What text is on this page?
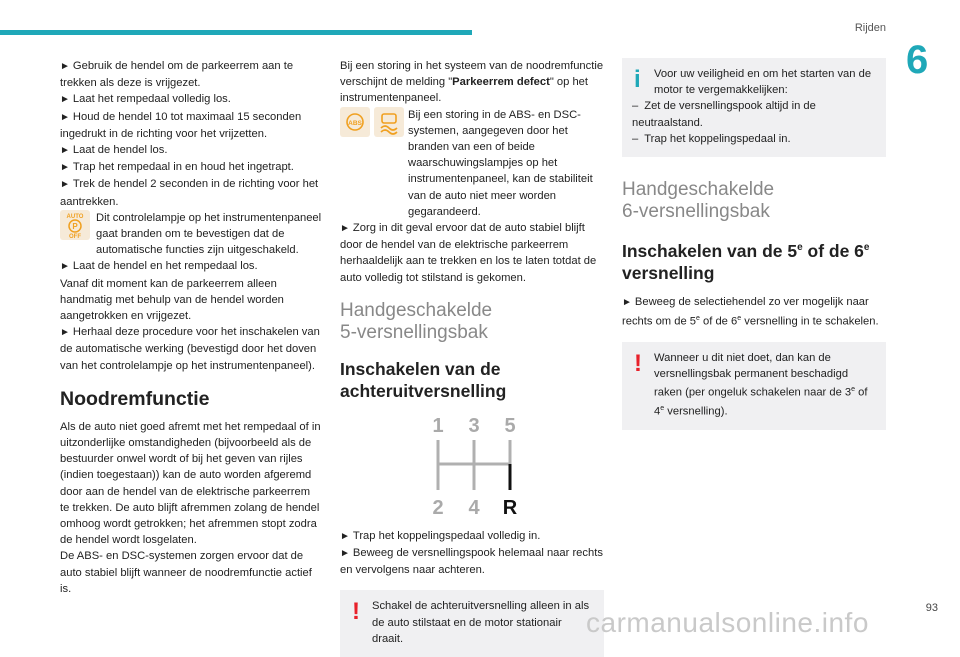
Rijden
6

► Gebruik de hendel om de parkeerrem aan te trekken als deze is vrijgezet.

► Laat het rempedaal volledig los.

► Houd de hendel 10 tot maximaal 15 seconden ingedrukt in de richting voor het vrijzetten.

► Laat de hendel los.

► Trap het rempedaal in en houd het ingetrapt.

► Trek de hendel 2 seconden in de richting voor het aantrekken.

AUTO
P
OFF

Dit controlelampje op het instrumentenpaneel gaat branden om te bevestigen dat de automatische functies zijn uitgeschakeld.

► Laat de hendel en het rempedaal los.

Vanaf dit moment kan de parkeerrem alleen handmatig met behulp van de hendel worden aangetrokken en vrijgezet.

► Herhaal deze procedure voor het inschakelen van de automatische werking (bevestigd door het doven van het controlelampje op het instrumentenpaneel).

Noodremfunctie

Als de auto niet goed afremt met het rempedaal of in uitzonderlijke omstandigheden (bijvoorbeeld als de bestuurder onwel wordt of bij het geven van rijles (indien toegestaan)) kan de auto worden afgeremd door aan de hendel van de elektrische parkeerrem te trekken. De auto blijft afremmen zolang de hendel omhoog wordt getrokken; het afremmen stopt zodra de hendel wordt losgelaten.

De ABS- en DSC-systemen zorgen ervoor dat de auto stabiel blijft wanneer de noodremfunctie actief is.

Bij een storing in het systeem van de noodremfunctie verschijnt de melding "Parkeerrem defect" op het instrumentenpaneel.

ABS

Bij een storing in de ABS- en DSC-systemen, aangegeven door het branden van een of beide waarschuwingslampjes op het instrumentenpaneel, kan de stabiliteit van de auto niet meer worden gegarandeerd.

► Zorg in dit geval ervoor dat de auto stabiel blijft door de hendel van de elektrische parkeerrem herhaaldelijk aan te trekken en los te laten totdat de auto volledig tot stilstand is gekomen.

Handgeschakelde
5-versnellingsbak
Inschakelen van de
achteruitversnelling
1 3 5
2 4 R

► Trap het koppelingspedaal volledig in.

► Beweeg de versnellingspook helemaal naar rechts en vervolgens naar achteren.

! Schakel de achteruitversnelling alleen in als de auto stilstaat en de motor stationair draait.

i	Voor uw veiligheid en om het starten van de motor te vergemakkelijken:

– Zet de versnellingspook altijd in de neutraalstand.

– Trap het koppelingspedaal in.

Handgeschakelde
6-versnellingsbak
Inschakelen van de 5e of de 6e
versnelling

► Beweeg de selectiehendel zo ver mogelijk naar rechts om de 5e of de 6e versnelling in te schakelen.

! Wanneer u dit niet doet, dan kan de versnellingsbak permanent beschadigd raken (per ongeluk schakelen naar de 3e of 4e versnelling).

carmanualsonline.info	93
